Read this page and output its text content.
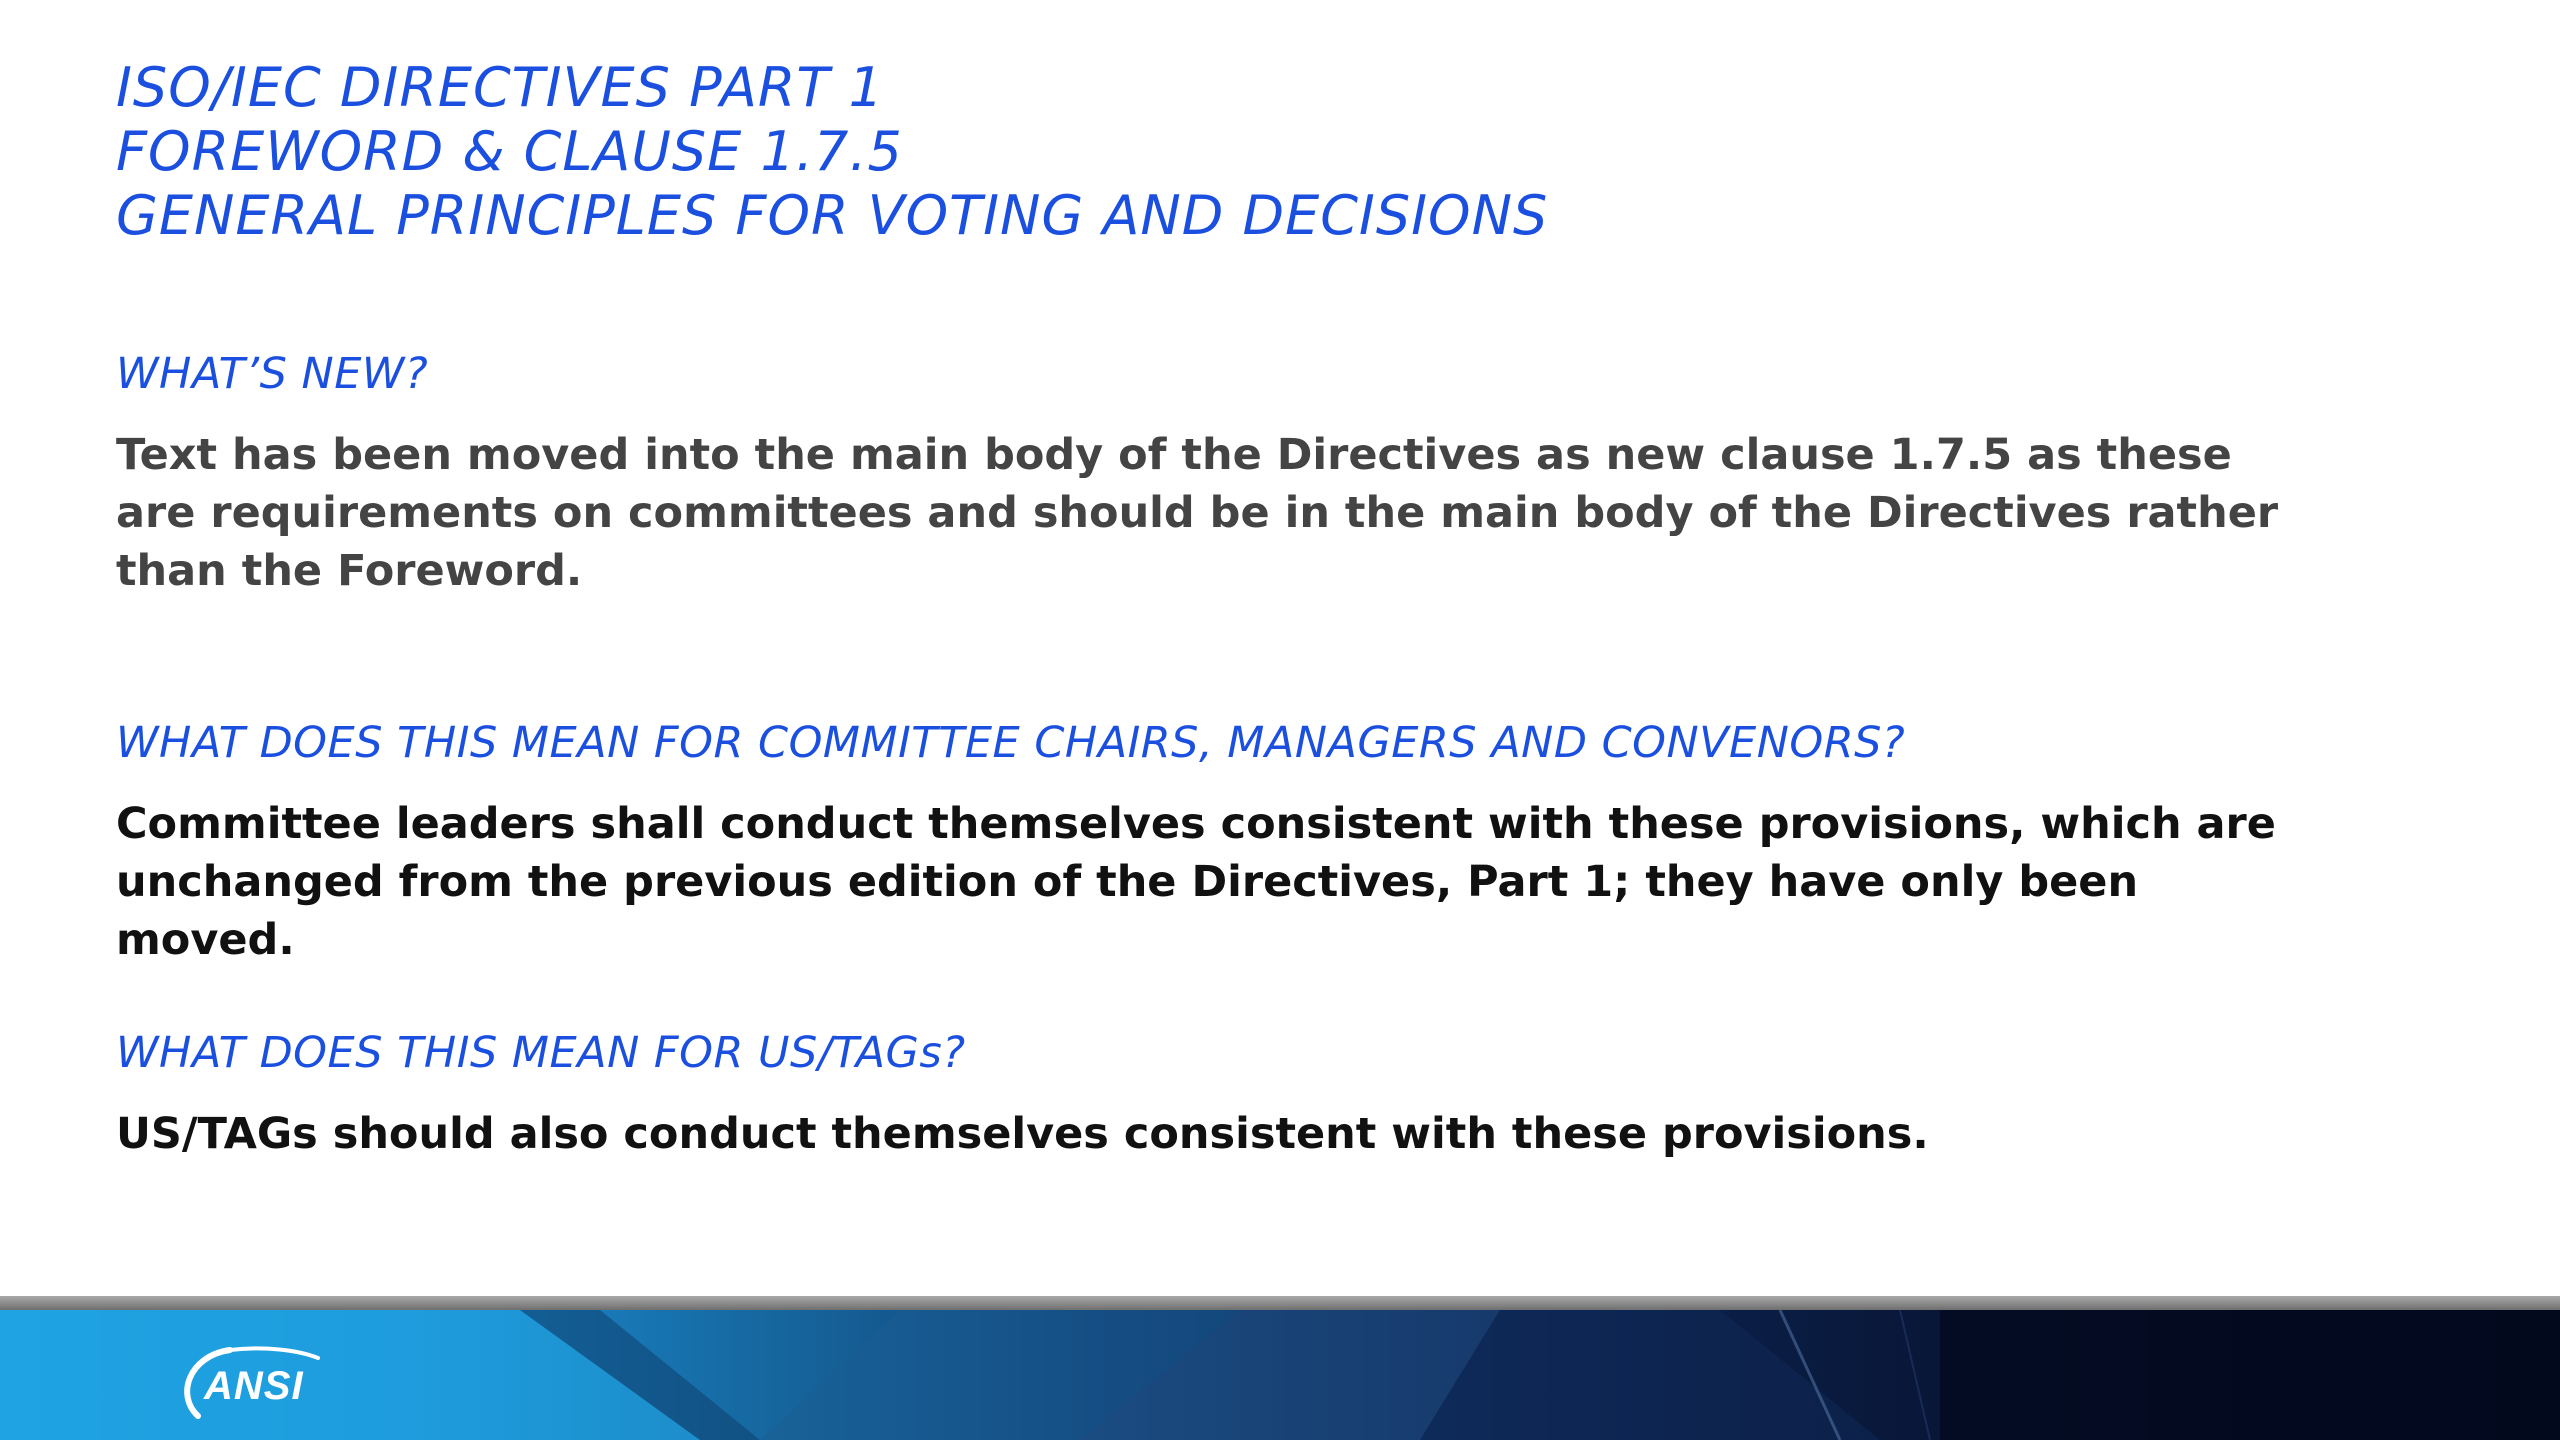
ISO/IEC DIRECTIVES PART 1

FOREWORD & CLAUSE 1.7.5

GENERAL PRINCIPLES FOR VOTING AND DECISIONS

WHAT’S NEW?

Text has been moved into the main body of the Directives as new clause 1.7.5 as these are requirements on committees and should be in the main body of the Directives rather than the Foreword.

WHAT DOES THIS MEAN FOR COMMITTEE CHAIRS, MANAGERS AND CONVENORS?

Committee leaders shall conduct themselves consistent with these provisions, which are unchanged from the previous edition of the Directives, Part 1; they have only been moved.

WHAT DOES THIS MEAN FOR US/TAGs?

US/TAGs should also conduct themselves consistent with these provisions.

ANSI
